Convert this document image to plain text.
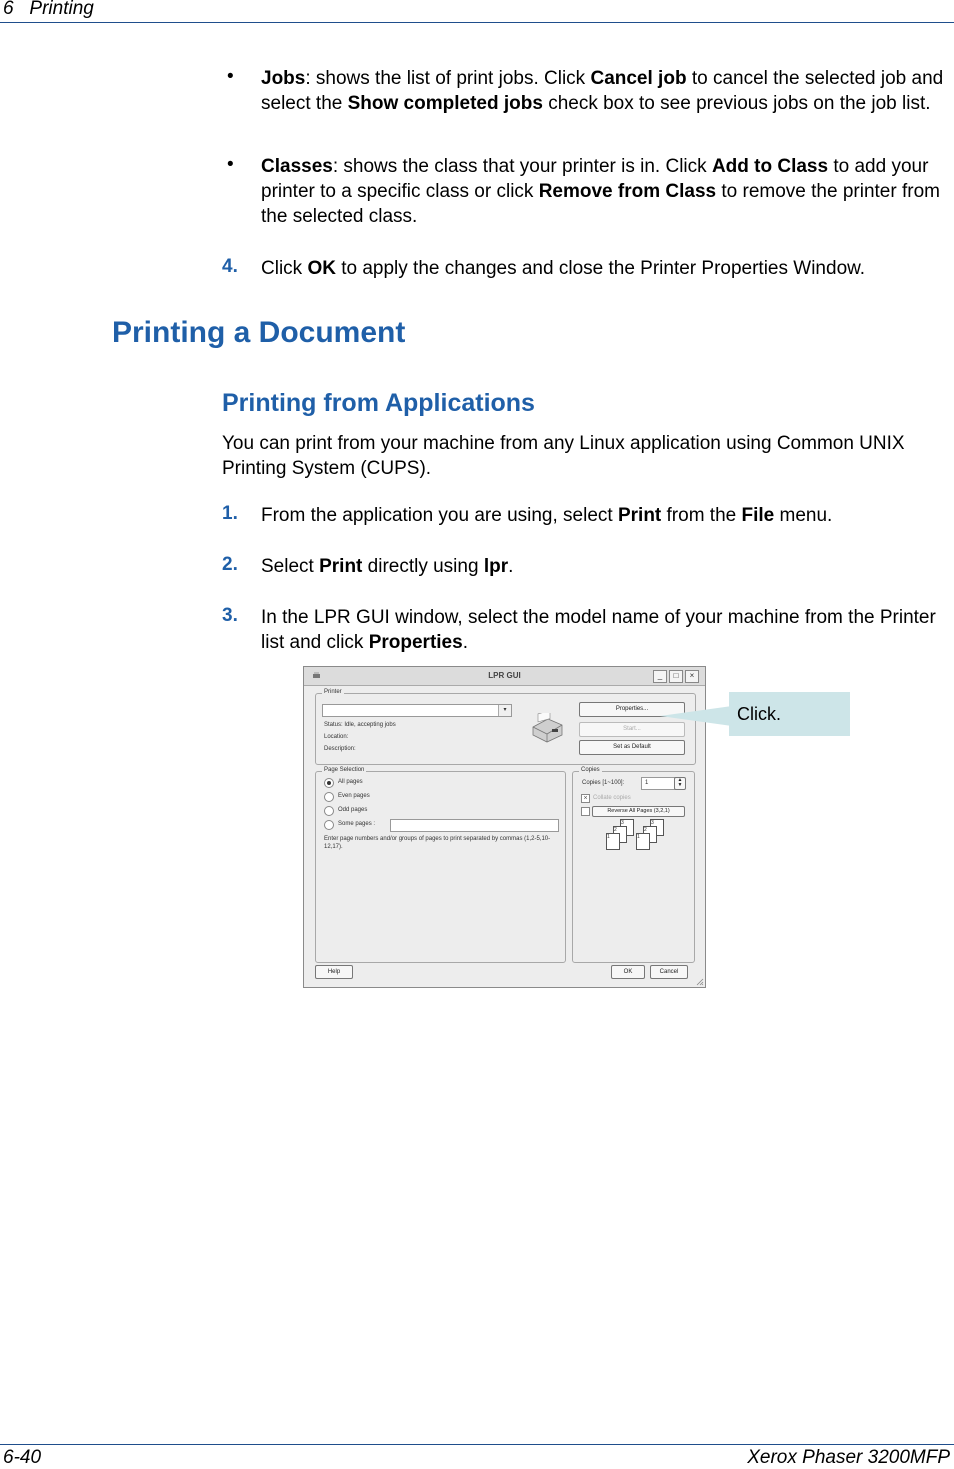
6   Printing
• Jobs: shows the list of print jobs. Click Cancel job to cancel the selected job and select the Show completed jobs check box to see previous jobs on the job list.
• Classes: shows the class that your printer is in. Click Add to Class to add your printer to a specific class or click Remove from Class to remove the printer from the selected class.
4. Click OK to apply the changes and close the Printer Properties Window.
Printing a Document
Printing from Applications
You can print from your machine from any Linux application using Common UNIX Printing System (CUPS).
1. From the application you are using, select Print from the File menu.
2. Select Print directly using lpr.
3. In the LPR GUI window, select the model name of your machine from the Printer list and click Properties.
LPR GUI	_	□	×
Printer
▾
Status: Idle, accepting jobs
Location:
Description:
Properties...
Start...
Set as Default
Page Selection
All pages
Even pages
Odd pages
Some pages :
Enter page numbers and/or groups of pages to print separated by commas (1,2-5,10-12,17).
Copies
Copies [1~100]:	1	▲
▼
× Collate copies
Reverse All Pages (3,2,1)
3
2
1
3
2
1
Help	OK	Cancel
Click.
6-40	Xerox Phaser 3200MFP
